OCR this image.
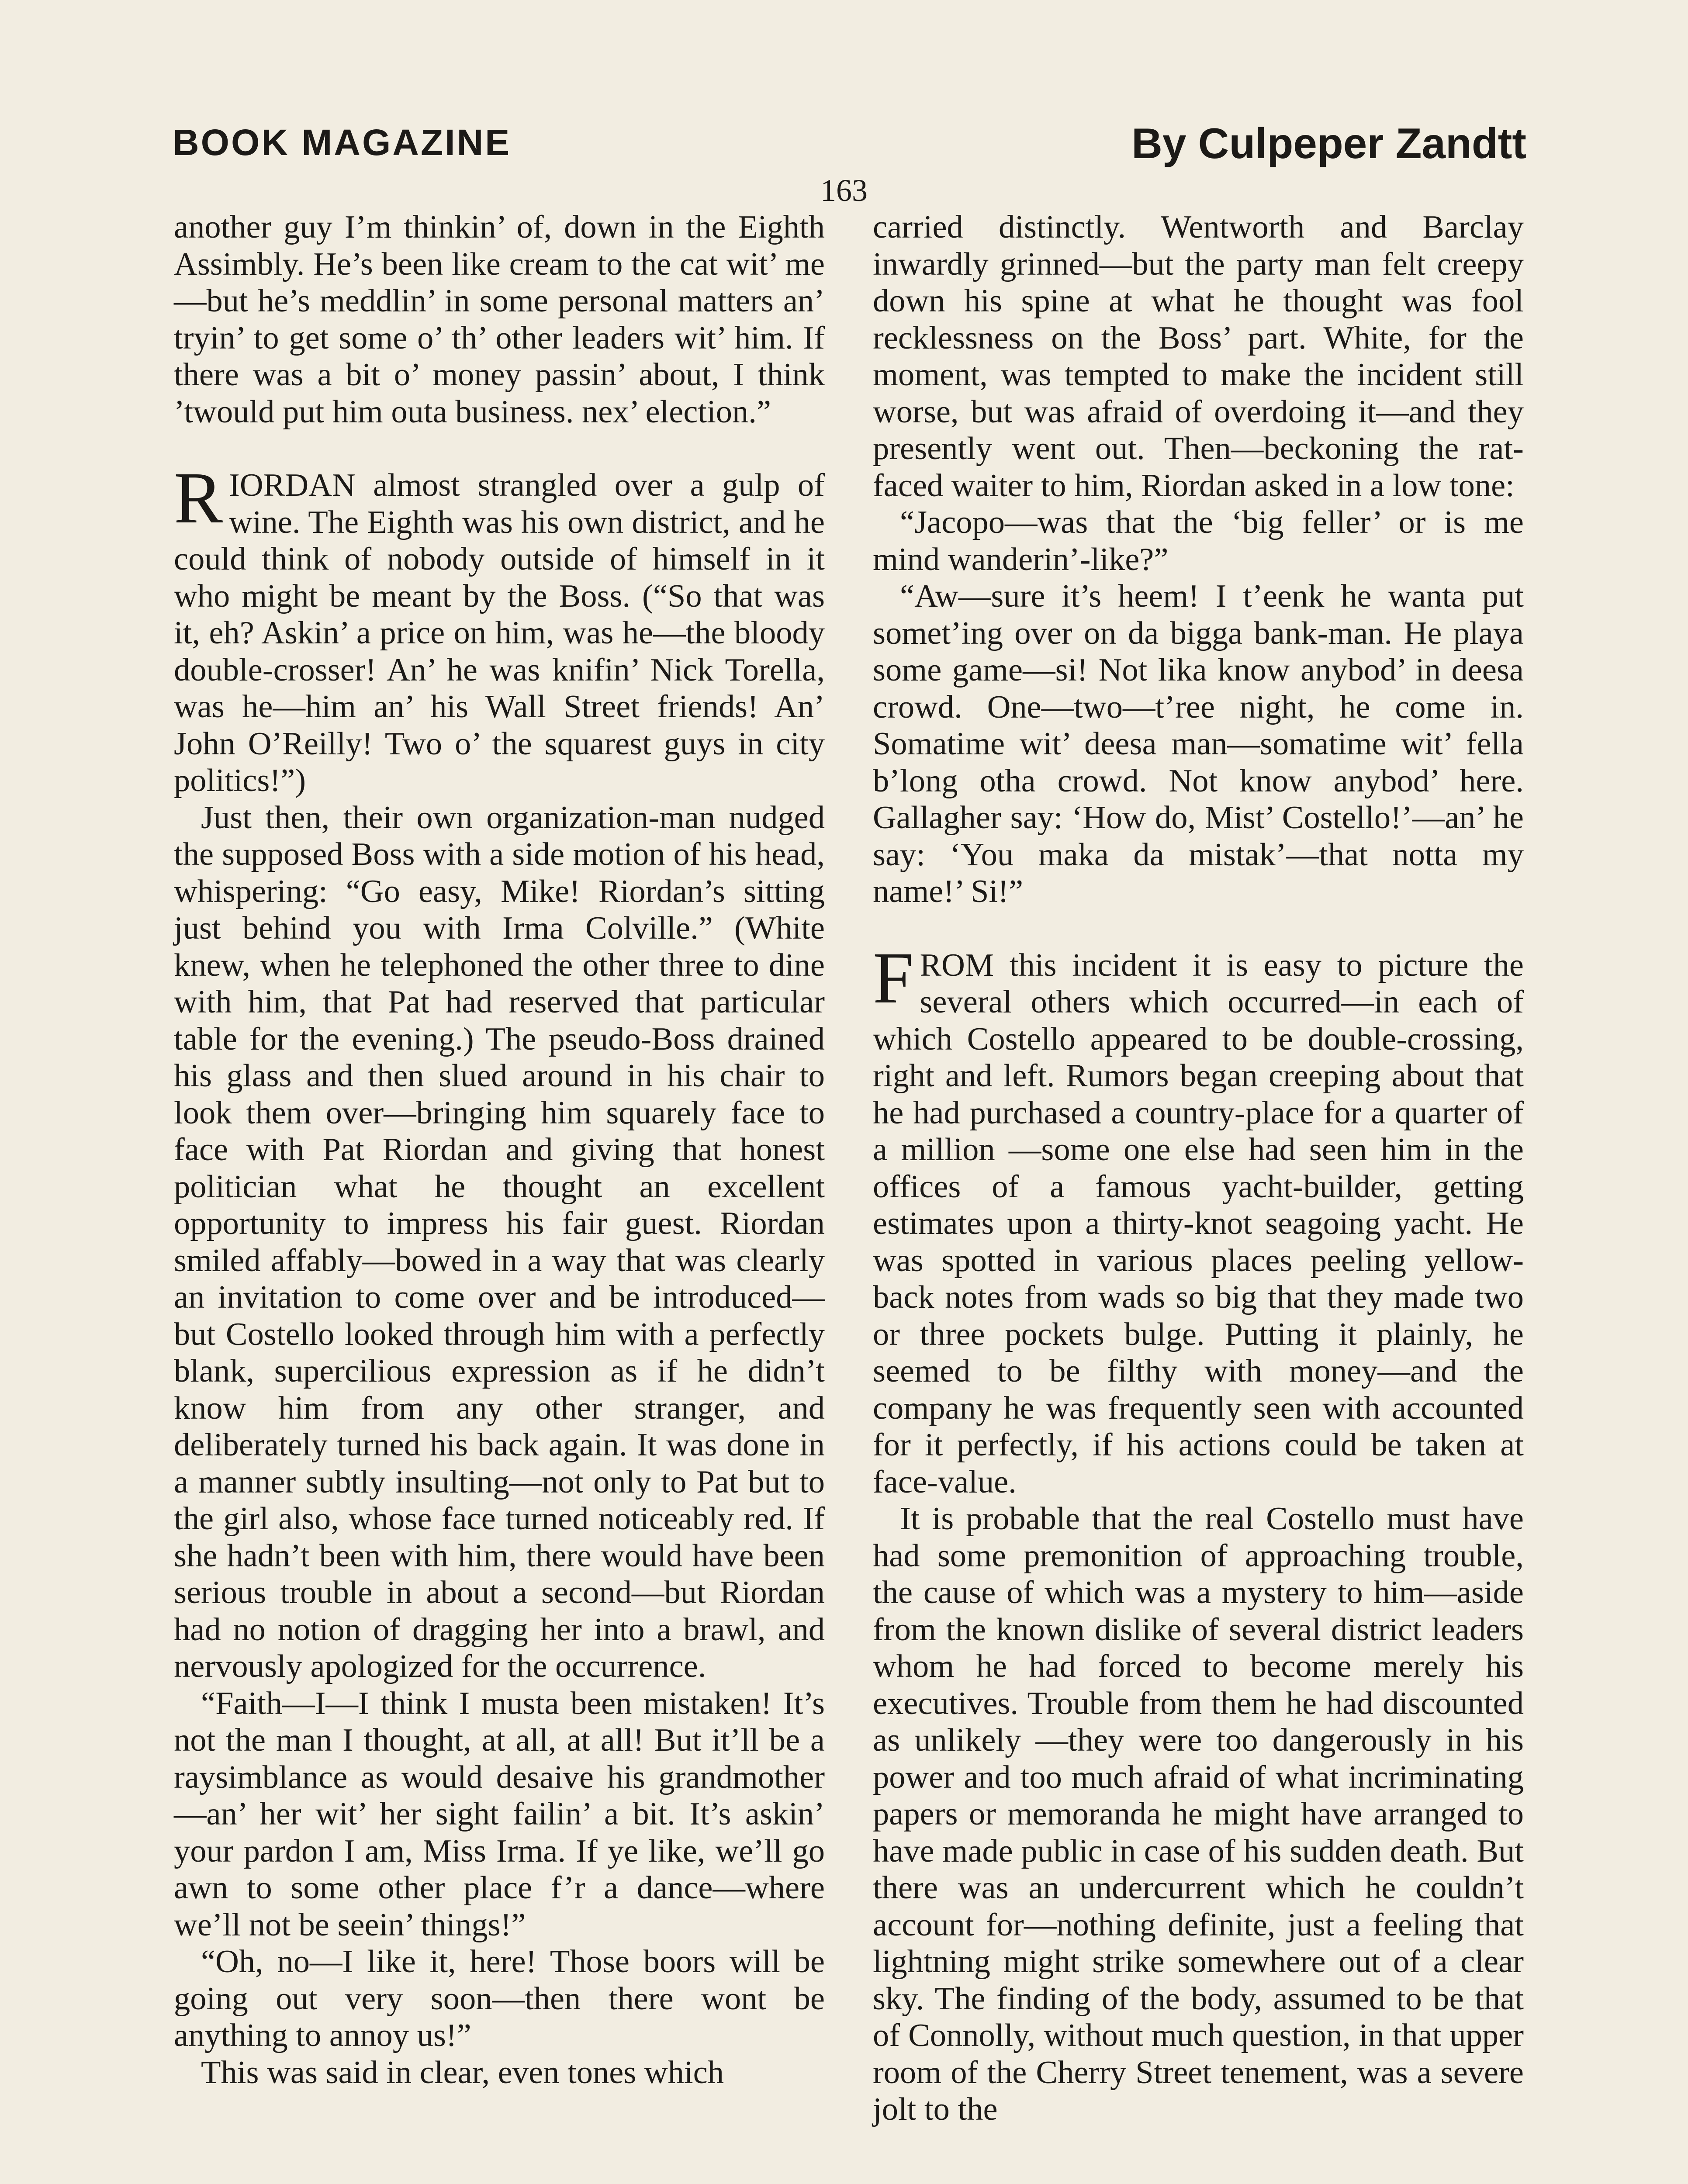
BOOK MAGAZINE	By Culpeper Zandtt
163

another guy I’m thinkin’ of, down in the Eighth Assimbly. He’s been like cream to the cat wit’ me—but he’s meddlin’ in some personal matters an’ tryin’ to get some o’ th’ other leaders wit’ him. If there was a bit o’ money passin’ about, I think ’twould put him outa business. nex’ election.”

RIORDAN almost strangled over a gulp of wine. The Eighth was his own district, and he could think of nobody outside of himself in it who might be meant by the Boss. (“So that was it, eh? Askin’ a price on him, was he—the bloody double-crosser! An’ he was knifin’ Nick Torella, was he—him an’ his Wall Street friends! An’ John O’Reilly! Two o’ the squarest guys in city politics!”)

Just then, their own organization-man nudged the supposed Boss with a side motion of his head, whispering: “Go easy, Mike! Riordan’s sitting just behind you with Irma Colville.” (White knew, when he telephoned the other three to dine with him, that Pat had reserved that particular table for the evening.) The pseudo-Boss drained his glass and then slued around in his chair to look them over—bringing him squarely face to face with Pat Riordan and giving that honest politician what he thought an excellent opportunity to impress his fair guest. Riordan smiled affably—bowed in a way that was clearly an invitation to come over and be introduced—but Costello looked through him with a perfectly blank, supercilious expression as if he didn’t know him from any other stranger, and deliberately turned his back again. It was done in a manner subtly insulting—not only to Pat but to the girl also, whose face turned noticeably red. If she hadn’t been with him, there would have been serious trouble in about a second—but Riordan had no notion of dragging her into a brawl, and nervously apologized for the occurrence.

“Faith—I—I think I musta been mistaken! It’s not the man I thought, at all, at all! But it’ll be a raysimblance as would desaive his grandmother—an’ her wit’ her sight failin’ a bit. It’s askin’ your pardon I am, Miss Irma. If ye like, we’ll go awn to some other place f’r a dance—where we’ll not be seein’ things!”

“Oh, no—I like it, here! Those boors will be going out very soon—then there wont be anything to annoy us!”

This was said in clear, even tones which

carried distinctly. Wentworth and Barclay inwardly grinned—but the party man felt creepy down his spine at what he thought was fool recklessness on the Boss’ part. White, for the moment, was tempted to make the incident still worse, but was afraid of overdoing it—and they presently went out. Then—beckoning the rat-faced waiter to him, Riordan asked in a low tone:

“Jacopo—was that the ‘big feller’ or is me mind wanderin’-like?”

“Aw—sure it’s heem! I t’eenk he wanta put somet’ing over on da bigga bank-man. He playa some game—si! Not lika know anybod’ in deesa crowd. One—two—t’ree night, he come in. Somatime wit’ deesa man—somatime wit’ fella b’long otha crowd. Not know anybod’ here. Gallagher say: ‘How do, Mist’ Costello!’—an’ he say: ‘You maka da mistak’—that notta my name!’ Si!”

FROM this incident it is easy to picture the several others which occurred—in each of which Costello appeared to be double-crossing, right and left. Rumors began creeping about that he had purchased a country-place for a quarter of a million —some one else had seen him in the offices of a famous yacht-builder, getting estimates upon a thirty-knot seagoing yacht. He was spotted in various places peeling yellow-back notes from wads so big that they made two or three pockets bulge. Putting it plainly, he seemed to be filthy with money—and the company he was frequently seen with accounted for it perfectly, if his actions could be taken at face-value.

It is probable that the real Costello must have had some premonition of approaching trouble, the cause of which was a mystery to him—aside from the known dislike of several district leaders whom he had forced to become merely his executives. Trouble from them he had discounted as unlikely —they were too dangerously in his power and too much afraid of what incriminating papers or memoranda he might have arranged to have made public in case of his sudden death. But there was an undercurrent which he couldn’t account for—nothing definite, just a feeling that lightning might strike somewhere out of a clear sky. The finding of the body, assumed to be that of Connolly, without much question, in that upper room of the Cherry Street tenement, was a severe jolt to the
